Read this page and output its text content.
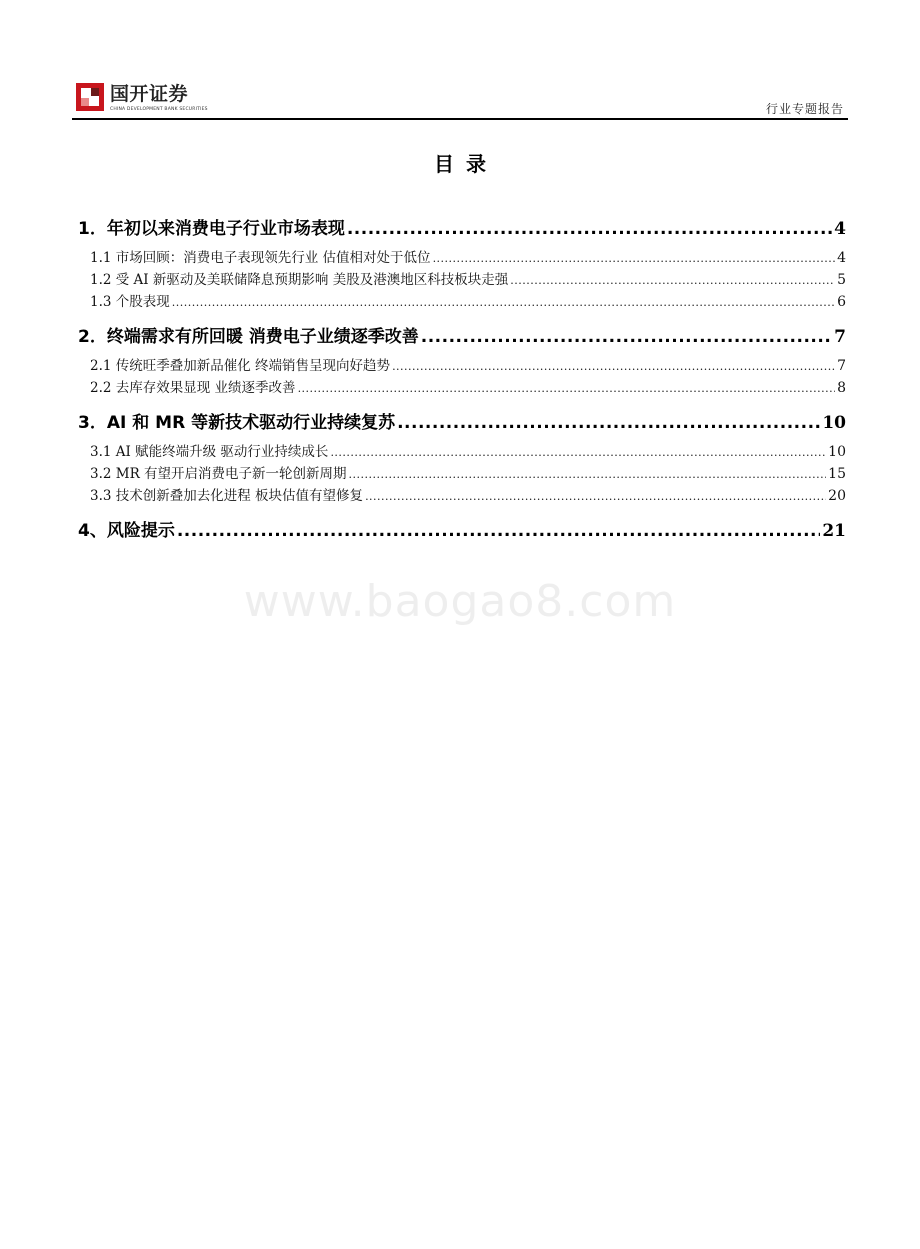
国开证券
CHINA DEVELOPMENT BANK SECURITIES	行业专题报告
目录
1．年初以来消费电子行业市场表现 .....	4
1.1 市场回顾：消费电子表现领先行业 估值相对处于低位 .....	4
1.2 受 AI 新驱动及美联储降息预期影响 美股及港澳地区科技板块走强 .....	5
1.3 个股表现 .....	6
2．终端需求有所回暖 消费电子业绩逐季改善 .....	7
2.1 传统旺季叠加新品催化 终端销售呈现向好趋势 .....	7
2.2 去库存效果显现 业绩逐季改善 .....	8
3．AI 和 MR 等新技术驱动行业持续复苏 .....	10
3.1 AI 赋能终端升级 驱动行业持续成长 .....	10
3.2 MR 有望开启消费电子新一轮创新周期 .....	15
3.3 技术创新叠加去化进程 板块估值有望修复 .....	20
4、风险提示 .....	21
www.baogao8.com
